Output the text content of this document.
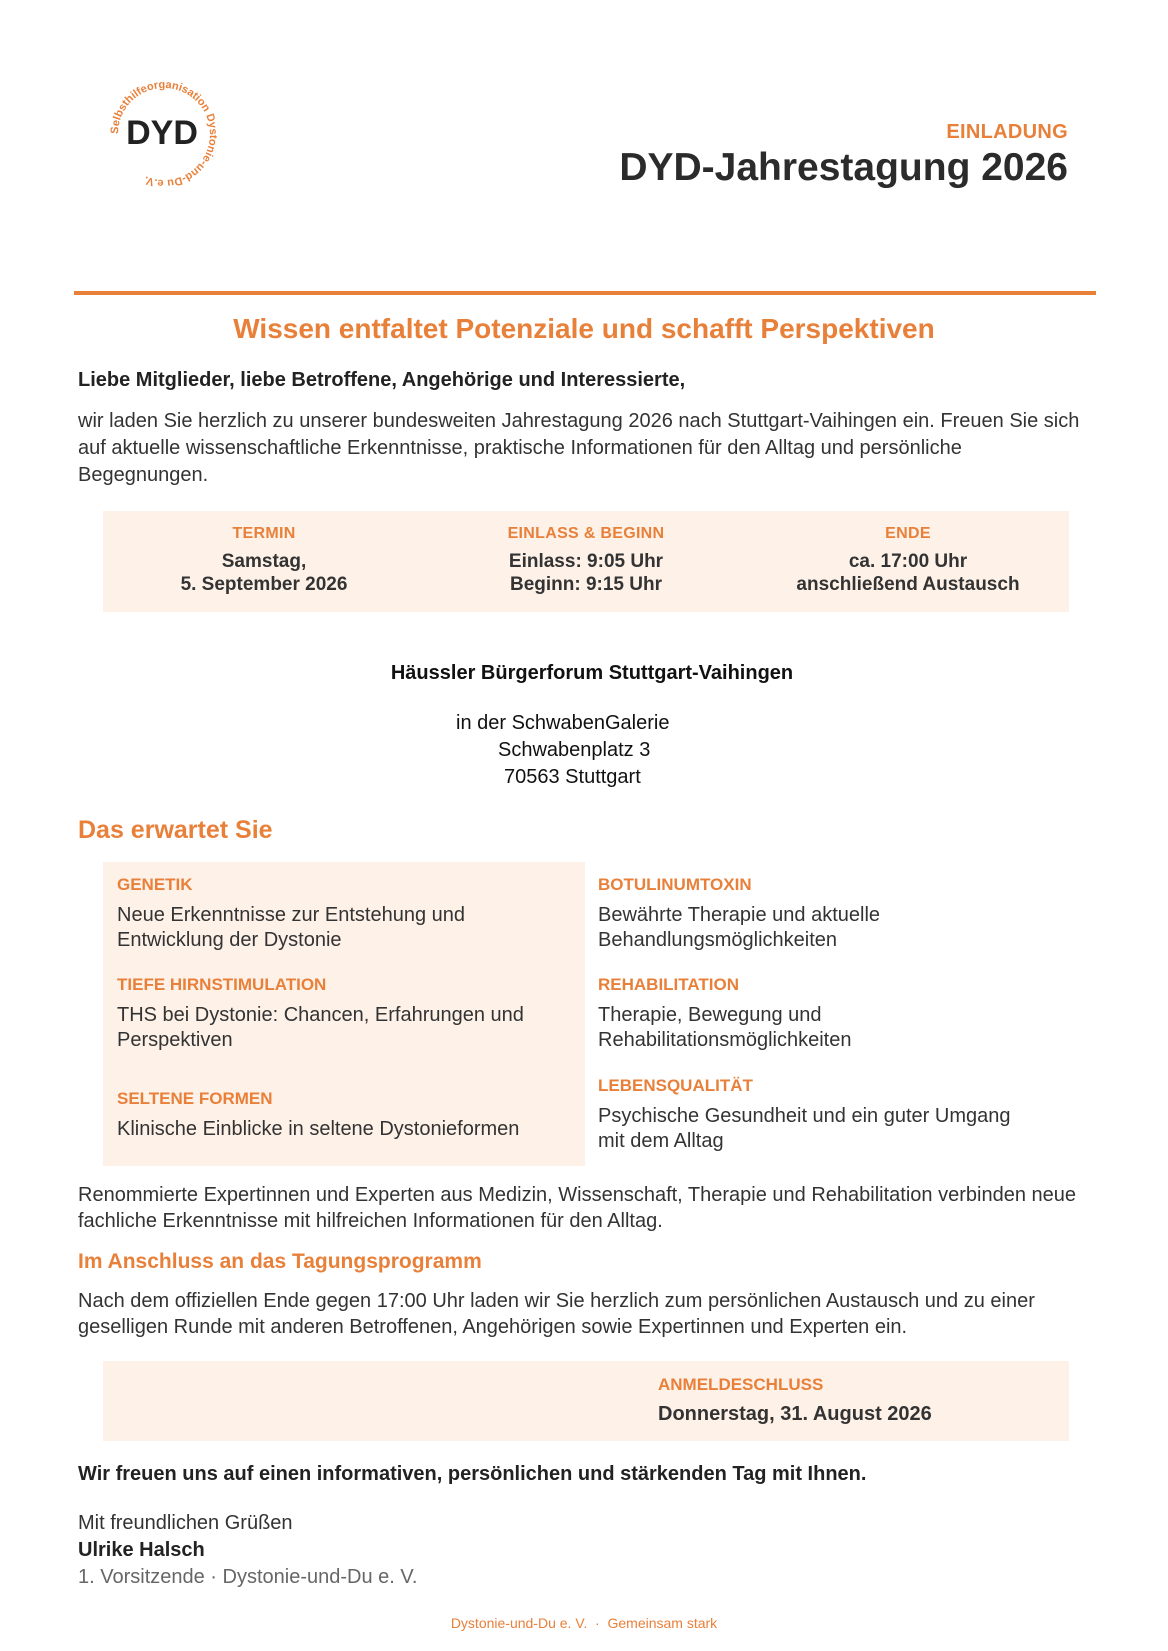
Selbsthilfeorganisation Dystonie-und-Du e.V.
DYD	EINLADUNG
DYD-Jahrestagung 2026
Wissen entfaltet Potenziale und schafft Perspektiven
Liebe Mitglieder, liebe Betroffene, Angehörige und Interessierte,
wir laden Sie herzlich zu unserer bundesweiten Jahrestagung 2026 nach Stuttgart-Vaihingen ein. Freuen Sie sich auf aktuelle wissenschaftliche Erkenntnisse, praktische Informationen für den Alltag und persönliche Begegnungen.
TERMIN
Samstag,
5. September 2026
EINLASS & BEGINN
Einlass: 9:05 Uhr
Beginn: 9:15 Uhr
ENDE
ca. 17:00 Uhr
anschließend Austausch
Häussler Bürgerforum Stuttgart-Vaihingen
in der SchwabenGalerie
Schwabenplatz 3
70563 Stuttgart
Das erwartet Sie
GENETIK
Neue Erkenntnisse zur Entstehung und Entwicklung der Dystonie
TIEFE HIRNSTIMULATION
THS bei Dystonie: Chancen, Erfahrungen und Perspektiven
SELTENE FORMEN
Klinische Einblicke in seltene Dystonieformen
BOTULINUMTOXIN
Bewährte Therapie und aktuelle Behandlungsmöglichkeiten
REHABILITATION
Therapie, Bewegung und Rehabilitationsmöglichkeiten
LEBENSQUALITÄT
Psychische Gesundheit und ein guter Umgang mit dem Alltag
Renommierte Expertinnen und Experten aus Medizin, Wissenschaft, Therapie und Rehabilitation verbinden neue fachliche Erkenntnisse mit hilfreichen Informationen für den Alltag.
Im Anschluss an das Tagungsprogramm
Nach dem offiziellen Ende gegen 17:00 Uhr laden wir Sie herzlich zum persönlichen Austausch und zu einer geselligen Runde mit anderen Betroffenen, Angehörigen sowie Expertinnen und Experten ein.
ANMELDESCHLUSS
Donnerstag, 31. August 2026
Wir freuen uns auf einen informativen, persönlichen und stärkenden Tag mit Ihnen.
Mit freundlichen Grüßen
Ulrike Halsch
1. Vorsitzende · Dystonie-und-Du e. V.
Dystonie-und-Du e. V.  ·  Gemeinsam stark
